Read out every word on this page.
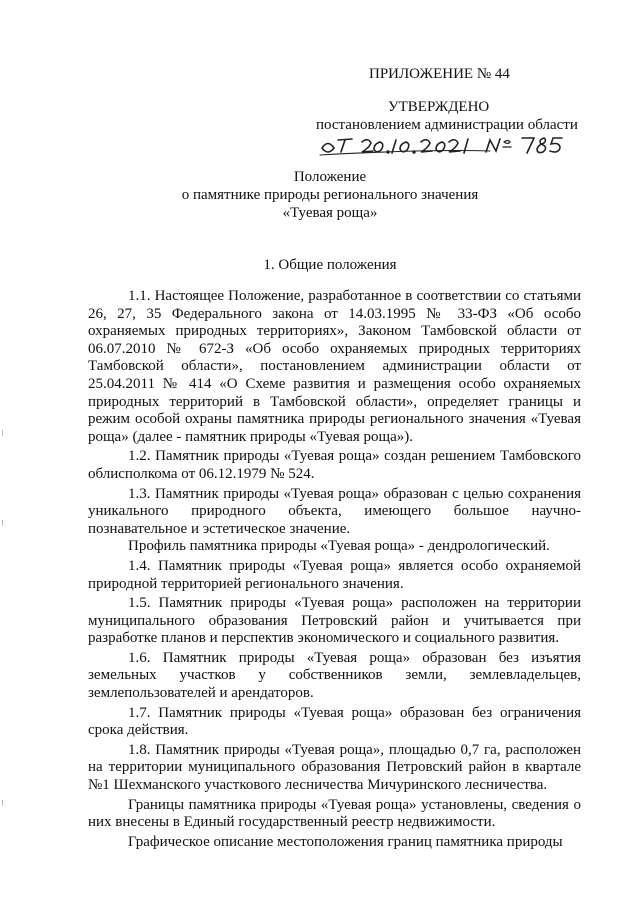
ПРИЛОЖЕНИЕ № 44
УТВЕРЖДЕНО
постановлением администрации области
Положение
о памятнике природы регионального значения
«Туевая роща»
1. Общие положения

1.1. Настоящее Положение, разработанное в соответствии со статьями 26, 27, 35 Федерального закона от 14.03.1995 № 33-ФЗ «Об особо охраняемых природных территориях», Законом Тамбовской области от 06.07.2010 № 672-З «Об особо охраняемых природных территориях Тамбовской области», постановлением администрации области от 25.04.2011 № 414 «О Схеме развития и размещения особо охраняемых природных территорий в Тамбовской области», определяет границы и режим особой охраны памятника природы регионального значения «Туевая роща» (далее - памятник природы «Туевая роща»).

1.2. Памятник природы «Туевая роща» создан решением Тамбовского облисполкома от 06.12.1979 № 524.

1.3. Памятник природы «Туевая роща» образован с целью сохранения уникального природного объекта, имеющего большое научно-познавательное и эстетическое значение.

Профиль памятника природы «Туевая роща» - дендрологический.

1.4. Памятник природы «Туевая роща» является особо охраняемой природной территорией регионального значения.

1.5. Памятник природы «Туевая роща» расположен на территории муниципального образования Петровский район и учитывается при разработке планов и перспектив экономического и социального развития.

1.6. Памятник природы «Туевая роща» образован без изъятия земельных участков у собственников земли, землевладельцев, землепользователей и арендаторов.

1.7. Памятник природы «Туевая роща» образован без ограничения срока действия.

1.8. Памятник природы «Туевая роща», площадью 0,7 га, расположен на территории муниципального образования Петровский район в квартале №1 Шехманского участкового лесничества Мичуринского лесничества.

Границы памятника природы «Туевая роща» установлены, сведения о них внесены в Единый государственный реестр недвижимости.

Графическое описание местоположения границ памятника природы
